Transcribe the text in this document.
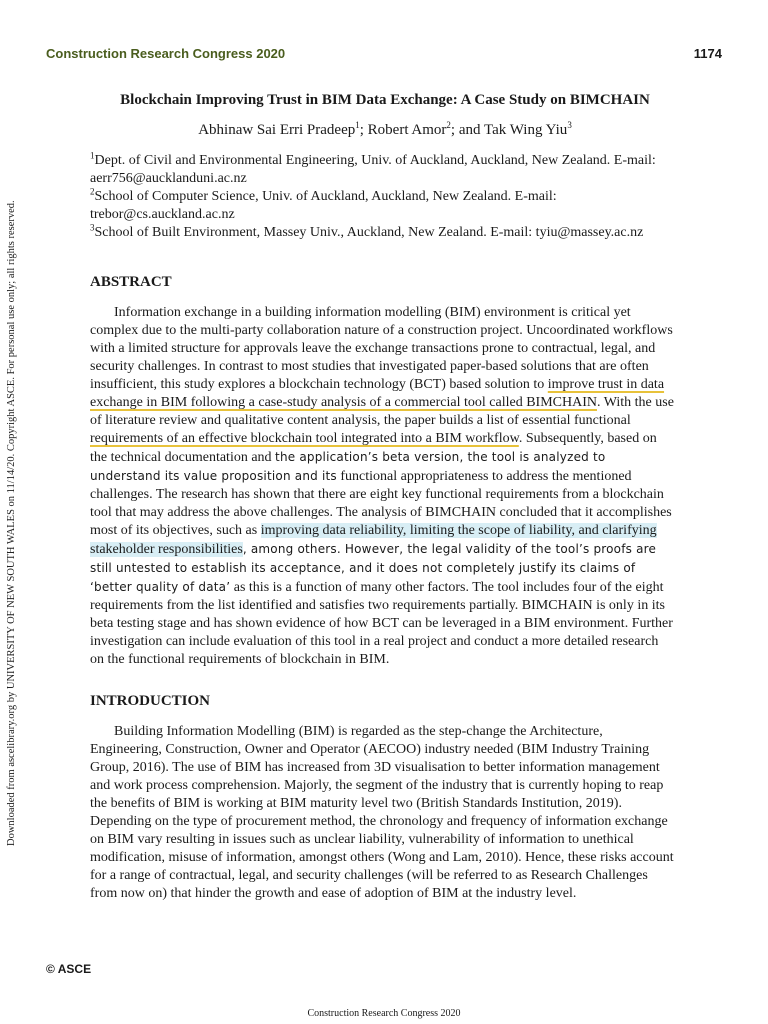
Downloaded from ascelibrary.org by UNIVERSITY OF NEW SOUTH WALES on 11/14/20. Copyright ASCE. For personal use only; all rights reserved.
Construction Research Congress 2020	1174
Blockchain Improving Trust in BIM Data Exchange: A Case Study on BIMCHAIN
Abhinaw Sai Erri Pradeep$^1$; Robert Amor$^2$; and Tak Wing Yiu$^3$

$^1$Dept. of Civil and Environmental Engineering, Univ. of Auckland, Auckland, New Zealand. E-mail: aerr756@aucklanduni.ac.nz

$^2$School of Computer Science, Univ. of Auckland, Auckland, New Zealand. E-mail: trebor@cs.auckland.ac.nz

$^3$School of Built Environment, Massey Univ., Auckland, New Zealand. E-mail: tyiu@massey.ac.nz

ABSTRACT

Information exchange in a building information modelling (BIM) environment is critical yet complex due to the multi-party collaboration nature of a construction project. Uncoordinated workflows with a limited structure for approvals leave the exchange transactions prone to contractual, legal, and security challenges. In contrast to most studies that investigated paper-based solutions that are often insufficient, this study explores a blockchain technology (BCT) based solution to improve trust in data exchange in BIM following a case-study analysis of a commercial tool called BIMCHAIN. With the use of literature review and qualitative content analysis, the paper builds a list of essential functional requirements of an effective blockchain tool integrated into a BIM workflow. Subsequently, based on the technical documentation and the application’s beta version, the tool is analyzed to understand its value proposition and its functional appropriateness to address the mentioned challenges. The research has shown that there are eight key functional requirements from a blockchain tool that may address the above challenges. The analysis of BIMCHAIN concluded that it accomplishes most of its objectives, such as improving data reliability, limiting the scope of liability, and clarifying stakeholder responsibilities, among others. However, the legal validity of the tool’s proofs are still untested to establish its acceptance, and it does not completely justify its claims of ‘better quality of data’ as this is a function of many other factors. The tool includes four of the eight requirements from the list identified and satisfies two requirements partially. BIMCHAIN is only in its beta testing stage and has shown evidence of how BCT can be leveraged in a BIM environment. Further investigation can include evaluation of this tool in a real project and conduct a more detailed research on the functional requirements of blockchain in BIM.

INTRODUCTION

Building Information Modelling (BIM) is regarded as the step-change the Architecture, Engineering, Construction, Owner and Operator (AECOO) industry needed (BIM Industry Training Group, 2016). The use of BIM has increased from 3D visualisation to better information management and work process comprehension. Majorly, the segment of the industry that is currently hoping to reap the benefits of BIM is working at BIM maturity level two (British Standards Institution, 2019). Depending on the type of procurement method, the chronology and frequency of information exchange on BIM vary resulting in issues such as unclear liability, vulnerability of information to unethical modification, misuse of information, amongst others (Wong and Lam, 2010). Hence, these risks account for a range of contractual, legal, and security challenges (will be referred to as Research Challenges from now on) that hinder the growth and ease of adoption of BIM at the industry level.

© ASCE
Construction Research Congress 2020
